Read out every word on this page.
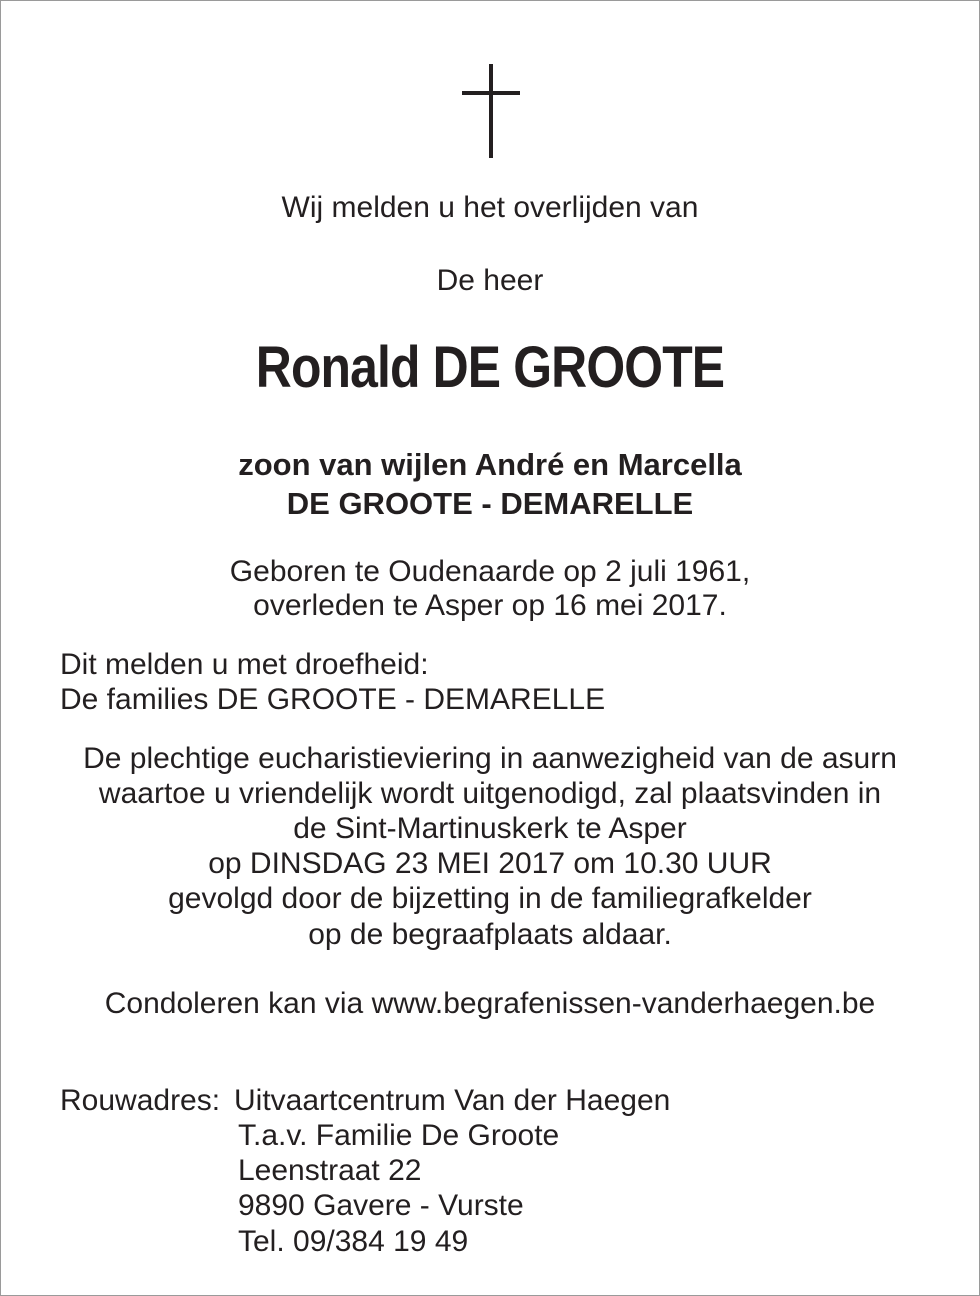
Wij melden u het overlijden van
De heer
Ronald DE GROOTE
zoon van wijlen André en Marcella
DE GROOTE - DEMARELLE
Geboren te Oudenaarde op 2 juli 1961,
overleden te Asper op 16 mei 2017.
Dit melden u met droefheid:
De families DE GROOTE - DEMARELLE
De plechtige eucharistieviering in aanwezigheid van de asurn
waartoe u vriendelijk wordt uitgenodigd, zal plaatsvinden in
de Sint-Martinuskerk te Asper
op DINSDAG 23 MEI 2017 om 10.30 UUR
gevolgd door de bijzetting in de familiegrafkelder
op de begraafplaats aldaar.
Condoleren kan via www.begrafenissen-vanderhaegen.be
Rouwadres: Uitvaartcentrum Van der Haegen
T.a.v. Familie De Groote
Leenstraat 22
9890 Gavere - Vurste
Tel. 09/384 19 49
